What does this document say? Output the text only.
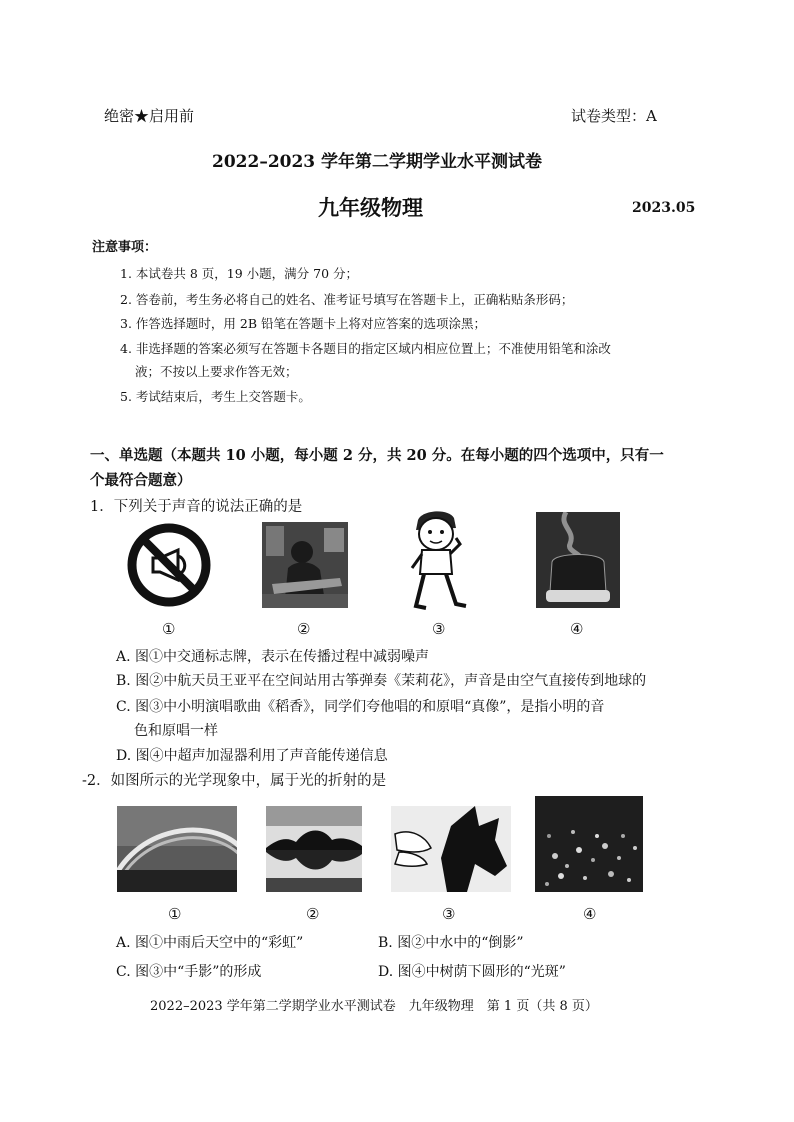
绝密★启用前	试卷类型：A
2022–2023 学年第二学期学业水平测试卷
九年级物理	2023.05
注意事项：
1. 本试卷共 8 页，19 小题，满分 70 分；
2. 答卷前，考生务必将自己的姓名、准考证号填写在答题卡上，正确粘贴条形码；
3. 作答选择题时，用 2B 铅笔在答题卡上将对应答案的选项涂黑；
4. 非选择题的答案必须写在答题卡各题目的指定区域内相应位置上；不准使用铅笔和涂改
液；不按以上要求作答无效；
5. 考试结束后，考生上交答题卡。
一、单选题（本题共 10 小题，每小题 2 分，共 20 分。在每小题的四个选项中，只有一
个最符合题意）
1．下列关于声音的说法正确的是
①	②	③	④
A. 图①中交通标志牌，表示在传播过程中减弱噪声
B. 图②中航天员王亚平在空间站用古筝弹奏《茉莉花》，声音是由空气直接传到地球的
C. 图③中小明演唱歌曲《稻香》，同学们夸他唱的和原唱“真像”，是指小明的音
色和原唱一样
D. 图④中超声加湿器利用了声音能传递信息
-2．如图所示的光学现象中，属于光的折射的是
①	②	③	④
A. 图①中雨后天空中的“彩虹”	B. 图②中水中的“倒影”
C. 图③中“手影”的形成	D. 图④中树荫下圆形的“光斑”
2022–2023 学年第二学期学业水平测试卷　九年级物理　第 1 页（共 8 页）
